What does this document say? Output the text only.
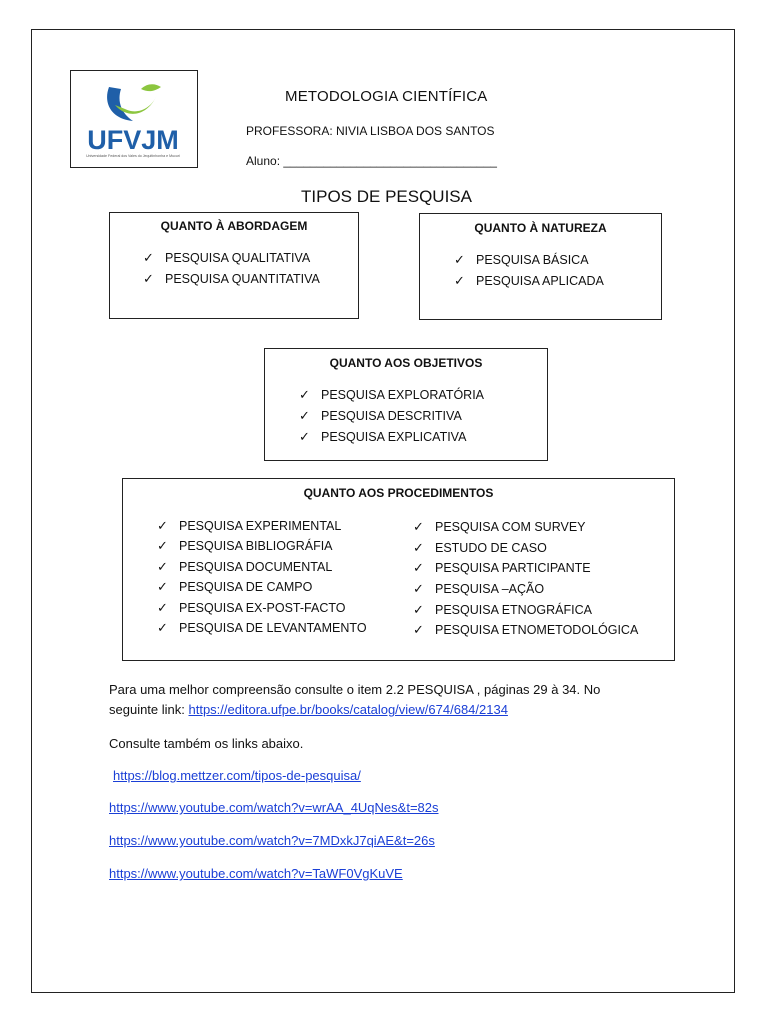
UFVJM
Universidade Federal dos Vales do Jequitinhonha e Mucuri
METODOLOGIA CIENTÍFICA
PROFESSORA: NIVIA LISBOA DOS SANTOS
Aluno: ________________________________
TIPOS DE PESQUISA
QUANTO À ABORDAGEM
✓ PESQUISA QUALITATIVA
✓ PESQUISA QUANTITATIVA
QUANTO À NATUREZA
✓ PESQUISA BÁSICA
✓ PESQUISA APLICADA
QUANTO AOS OBJETIVOS
✓ PESQUISA EXPLORATÓRIA
✓ PESQUISA DESCRITIVA
✓ PESQUISA EXPLICATIVA
QUANTO AOS PROCEDIMENTOS
✓ PESQUISA EXPERIMENTAL
✓ PESQUISA BIBLIOGRÁFIA
✓ PESQUISA DOCUMENTAL
✓ PESQUISA DE CAMPO
✓ PESQUISA EX-POST-FACTO
✓ PESQUISA DE LEVANTAMENTO
✓ PESQUISA COM SURVEY
✓ ESTUDO DE CASO
✓ PESQUISA PARTICIPANTE
✓ PESQUISA –AÇÃO
✓ PESQUISA ETNOGRÁFICA
✓ PESQUISA ETNOMETODOLÓGICA
Para uma melhor compreensão consulte o item 2.2 PESQUISA , páginas 29 à 34. No
seguinte link: https://editora.ufpe.br/books/catalog/view/674/684/2134
Consulte também os links abaixo.
https://blog.mettzer.com/tipos-de-pesquisa/
https://www.youtube.com/watch?v=wrAA_4UqNes&t=82s
https://www.youtube.com/watch?v=7MDxkJ7qiAE&t=26s
https://www.youtube.com/watch?v=TaWF0VgKuVE
